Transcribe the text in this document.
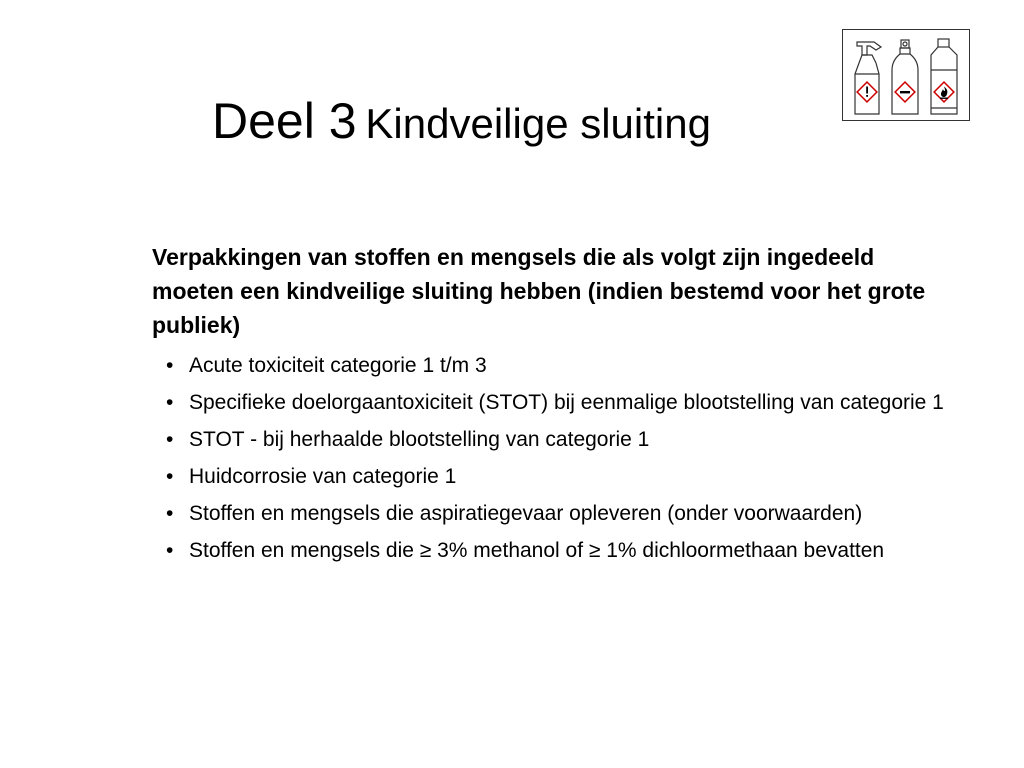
Deel 3 Kindveilige sluiting

Verpakkingen van stoffen en mengsels die als volgt zijn ingedeeld moeten een kindveilige sluiting hebben (indien bestemd voor het grote publiek)

• Acute toxiciteit categorie 1 t/m 3
• Specifieke doelorgaantoxiciteit (STOT) bij eenmalige blootstelling van categorie 1
• STOT - bij herhaalde blootstelling van categorie 1
• Huidcorrosie van categorie 1
• Stoffen en mengsels die aspiratiegevaar opleveren (onder voorwaarden)
• Stoffen en mengsels die ≥ 3% methanol of ≥ 1% dichloormethaan bevatten
